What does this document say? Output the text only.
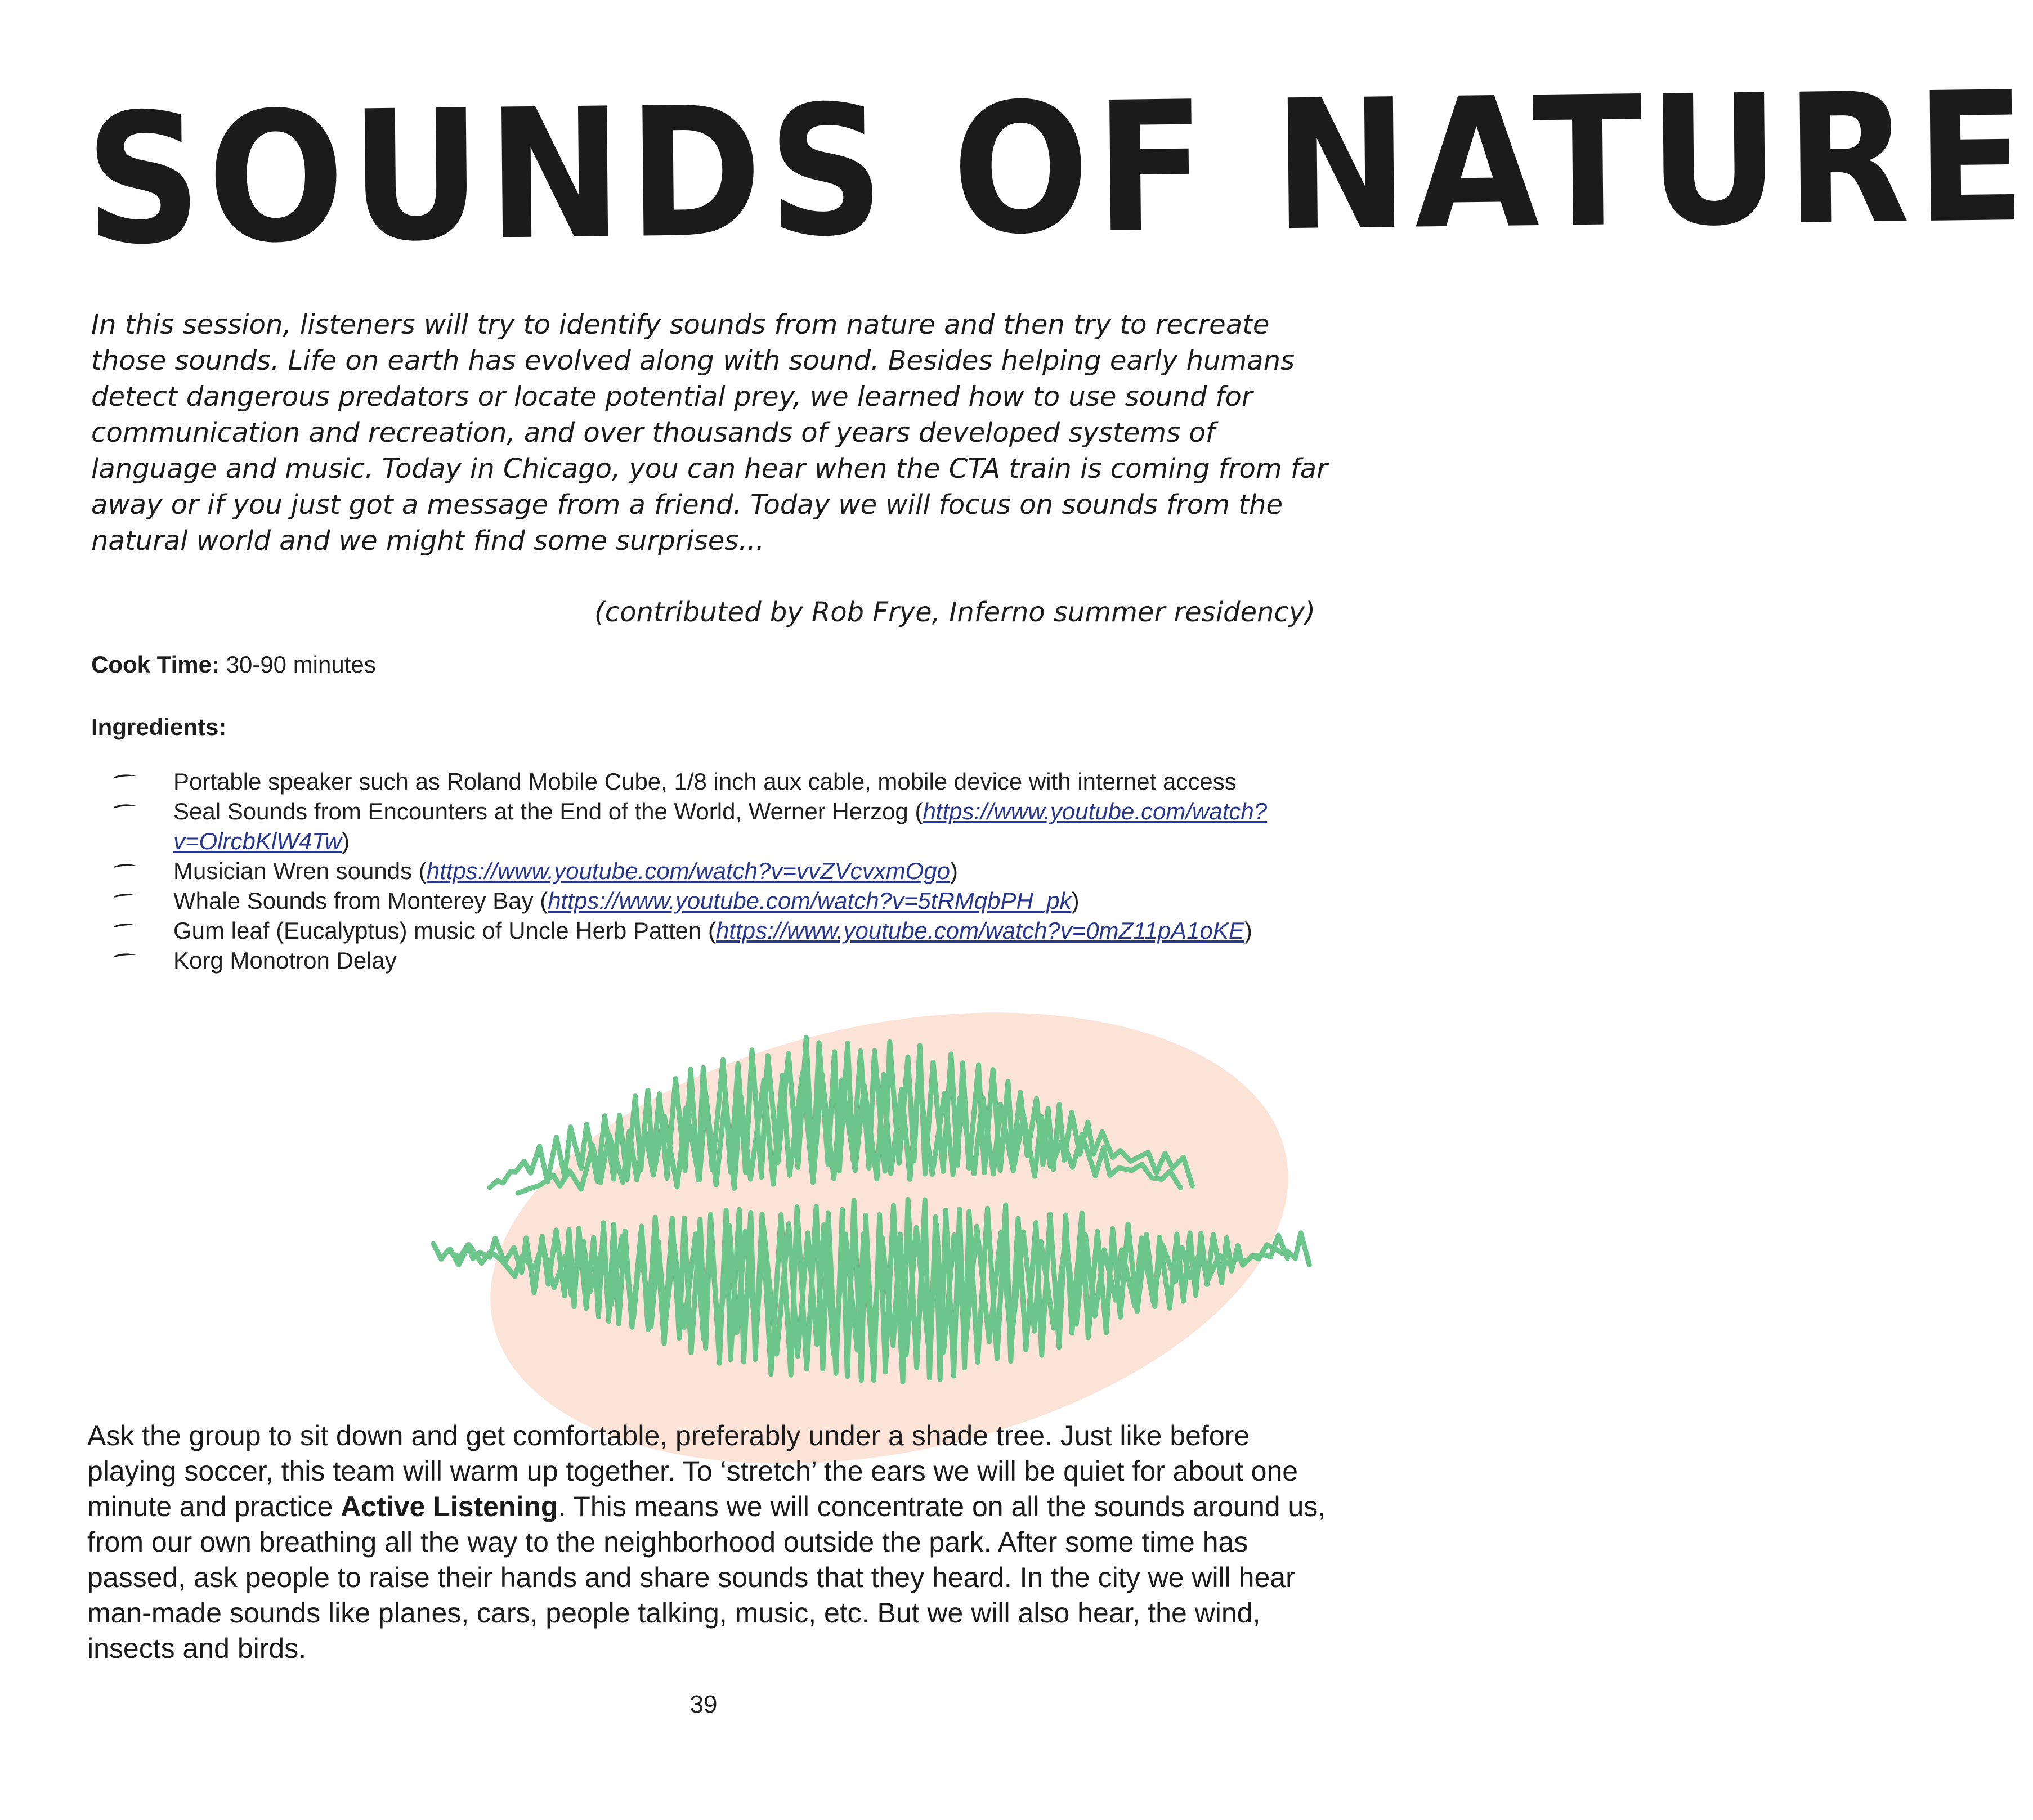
SOUNDS OF NATURE

In this session, listeners will try to identify sounds from nature and then try to recreate those sounds. Life on earth has evolved along with sound. Besides helping early humans detect dangerous predators or locate potential prey, we learned how to use sound for communication and recreation, and over thousands of years developed systems of language and music. Today in Chicago, you can hear when the CTA train is coming from far away or if you just got a message from a friend. Today we will focus on sounds from the natural world and we might find some surprises...

(contributed by Rob Frye, Inferno summer residency)

Cook Time: 30-90 minutes

Ingredients:

Portable speaker such as Roland Mobile Cube, 1/8 inch aux cable, mobile device with internet access
Seal Sounds from Encounters at the End of the World, Werner Herzog (https://www.youtube.com/watch?v=OlrcbKlW4Tw)
Musician Wren sounds (https://www.youtube.com/watch?v=vvZVcvxmOgo)
Whale Sounds from Monterey Bay (https://www.youtube.com/watch?v=5tRMqbPH_pk)
Gum leaf (Eucalyptus) music of Uncle Herb Patten (https://www.youtube.com/watch?v=0mZ11pA1oKE)
Korg Monotron Delay

Ask the group to sit down and get comfortable, preferably under a shade tree. Just like before playing soccer, this team will warm up together. To ‘stretch’ the ears we will be quiet for about one minute and practice Active Listening. This means we will concentrate on all the sounds around us, from our own breathing all the way to the neighborhood outside the park. After some time has passed, ask people to raise their hands and share sounds that they heard. In the city we will hear man-made sounds like planes, cars, people talking, music, etc. But we will also hear, the wind, insects and birds.

39
